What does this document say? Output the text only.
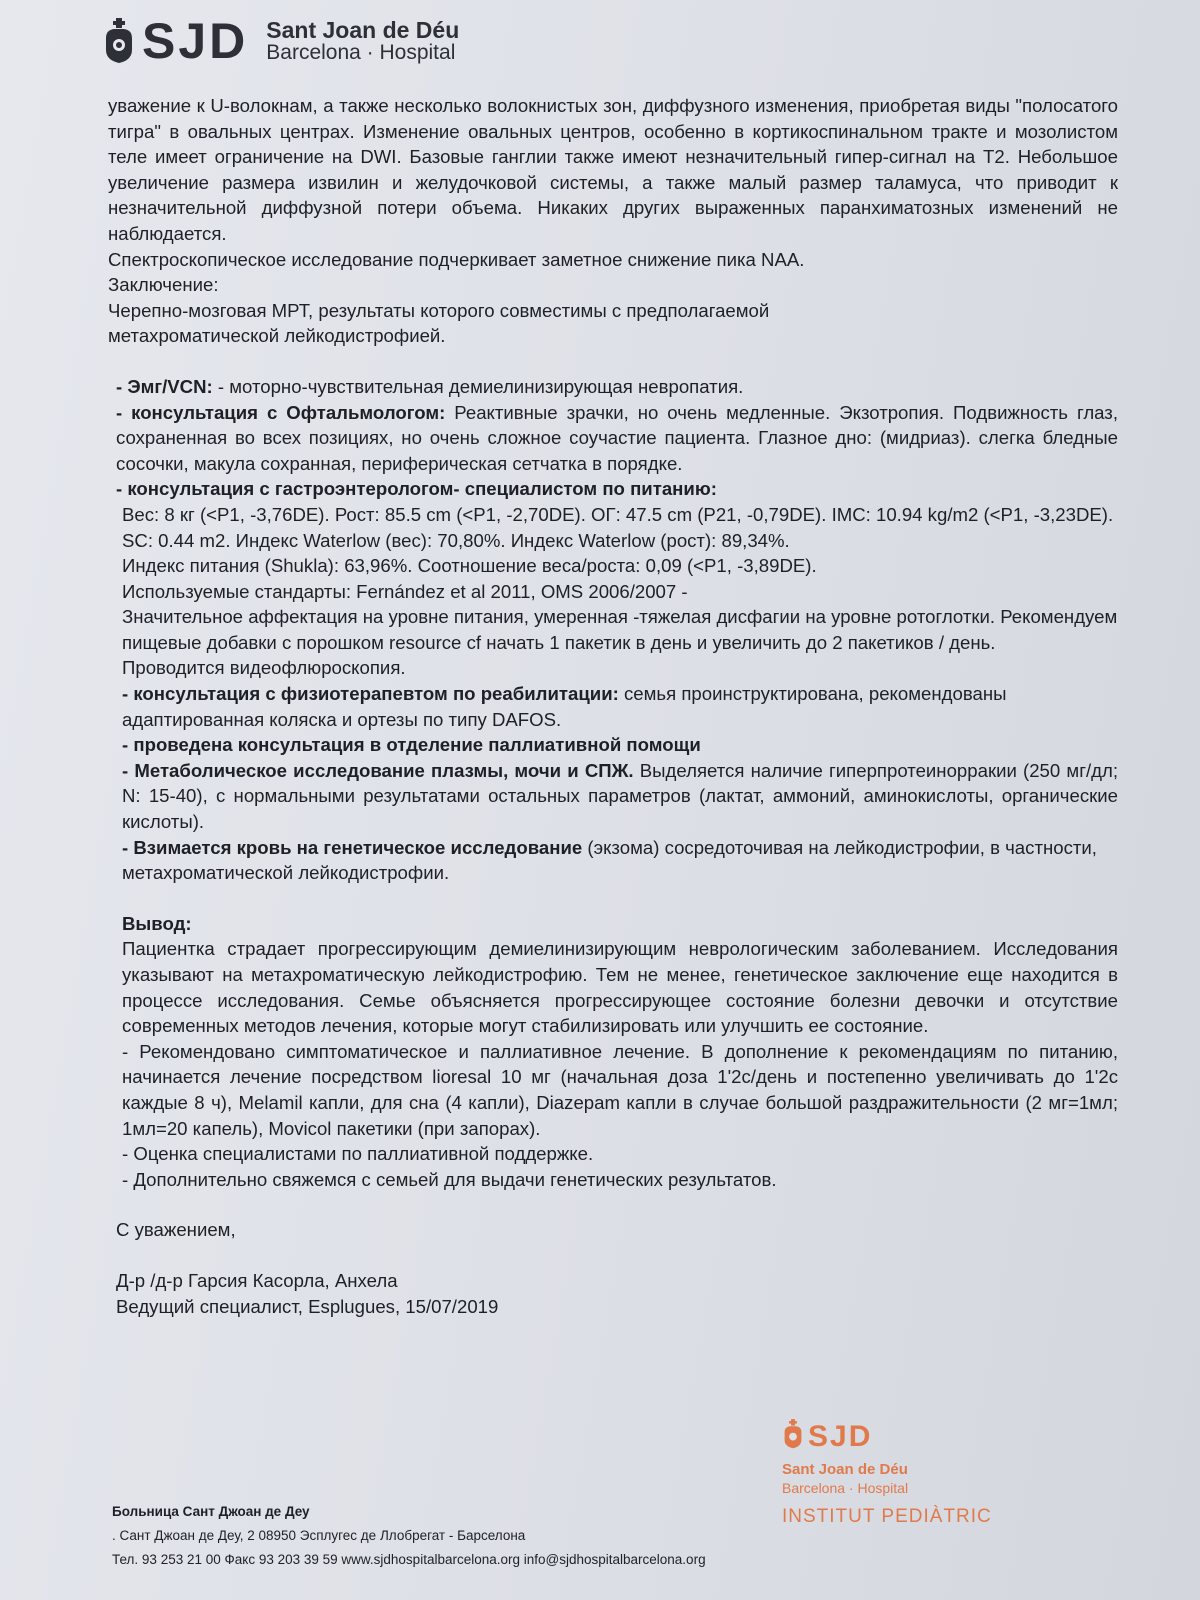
SJD Sant Joan de Déu
Barcelona · Hospital

уважение к U-волокнам, а также несколько волокнистых зон, диффузного изменения, приобретая виды "полосатого тигра" в овальных центрах. Изменение овальных центров, особенно в кортикоспинальном тракте и мозолистом теле имеет ограничение на DWI. Базовые ганглии также имеют незначительный гипер-сигнал на T2. Небольшое увеличение размера извилин и желудочковой системы, а также малый размер таламуса, что приводит к незначительной диффузной потери объема. Никаких других выраженных паранхиматозных изменений не наблюдается.

Спектроскопическое исследование подчеркивает заметное снижение пика NAA.

Заключение:

Черепно-мозговая МРТ, результаты которого совместимы с предполагаемой

метахроматической лейкодистрофией.

- Эмг/VCN: - моторно-чувствительная демиелинизирующая невропатия.

- консультация с Офтальмологом: Реактивные зрачки, но очень медленные. Экзотропия. Подвижность глаз, сохраненная во всех позициях, но очень сложное соучастие пациента. Глазное дно: (мидриаз). слегка бледные сосочки, макула сохранная, периферическая сетчатка в порядке.

- консультация с гастроэнтерологом- специалистом по питанию:

Вес: 8 кг (<P1, -3,76DE). Рост: 85.5 cm (<P1, -2,70DE). ОГ: 47.5 cm (P21, -0,79DE). IMC: 10.94 kg/m2 (<P1, -3,23DE). SC: 0.44 m2. Индекс Waterlow (вес): 70,80%. Индекс Waterlow (рост): 89,34%.

Индекс питания (Shukla): 63,96%. Соотношение веса/роста: 0,09 (<P1, -3,89DE).

Используемые стандарты: Fernández et al 2011, OMS 2006/2007 -

Значительное аффектация на уровне питания, умеренная -тяжелая дисфагии на уровне ротоглотки. Рекомендуем пищевые добавки с порошком resource cf начать 1 пакетик в день и увеличить до 2 пакетиков / день.

Проводится видеофлюроскопия.

- консультация с физиотерапевтом по реабилитации: семья проинструктирована, рекомендованы адаптированная коляска и ортезы по типу DAFOS.

- проведена консультация в отделение паллиативной помощи

- Метаболическое исследование плазмы, мочи и СПЖ. Выделяется наличие гиперпротеинорракии (250 мг/дл; N: 15-40), с нормальными результатами остальных параметров (лактат, аммоний, аминокислоты, органические кислоты).

- Взимается кровь на генетическое исследование (экзома) сосредоточивая на лейкодистрофии, в частности, метахроматической лейкодистрофии.

Вывод:

Пациентка страдает прогрессирующим демиелинизирующим неврологическим заболеванием. Исследования указывают на метахроматическую лейкодистрофию. Тем не менее, генетическое заключение еще находится в процессе исследования. Семье объясняется прогрессирующее состояние болезни девочки и отсутствие современных методов лечения, которые могут стабилизировать или улучшить ее состояние.

- Рекомендовано симптоматическое и паллиативное лечение. В дополнение к рекомендациям по питанию, начинается лечение посредством lioresal 10 мг (начальная доза 1'2с/день и постепенно увеличивать до 1'2с каждые 8 ч), Melamil капли, для сна (4 капли), Diazepam капли в случае большой раздражительности (2 мг=1мл; 1мл=20 капель), Movicol пакетики (при запорах).

- Оценка специалистами по паллиативной поддержке.

- Дополнительно свяжемся с семьей для выдачи генетических результатов.

С уважением,

Д-р /д-р Гарсия Касорла, Анхела

Ведущий специалист, Esplugues, 15/07/2019

Больница Сант Джоан де Деу
. Сант Джоан де Деу, 2 08950 Эсплугес де Ллобрегат - Барселона
Тел. 93 253 21 00 Факс 93 203 39 59 www.sjdhospitalbarcelona.org info@sjdhospitalbarcelona.org
SJD
Sant Joan de Déu
Barcelona · Hospital
INSTITUT PEDIÀTRIC
